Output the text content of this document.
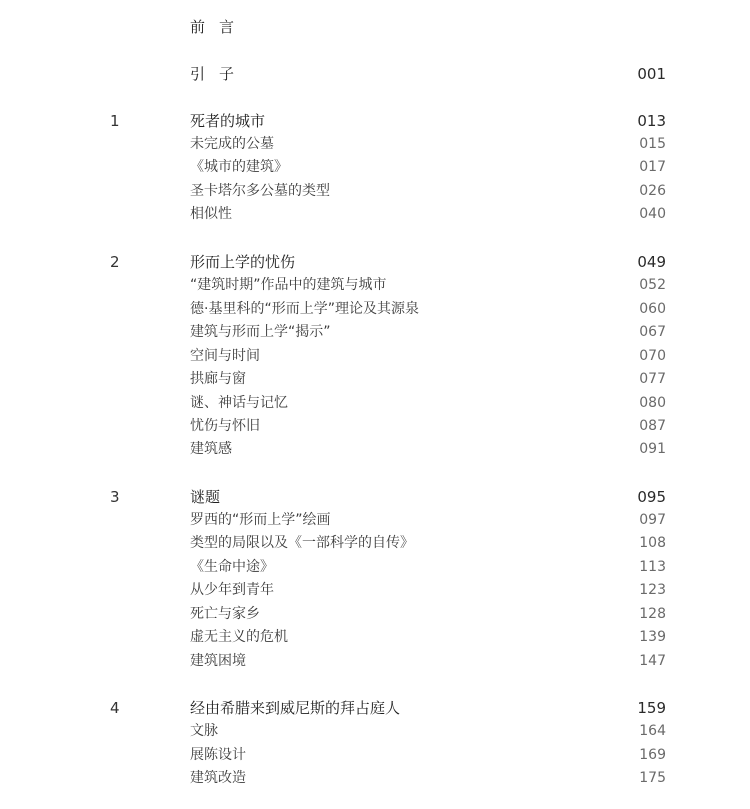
前言
引子	001
1	死者的城市	013
未完成的公墓	015
《城市的建筑》	017
圣卡塔尔多公墓的类型	026
相似性	040
2	形而上学的忧伤	049
“建筑时期”作品中的建筑与城市	052
德·基里科的“形而上学”理论及其源泉	060
建筑与形而上学“揭示”	067
空间与时间	070
拱廊与窗	077
谜、神话与记忆	080
忧伤与怀旧	087
建筑感	091
3	谜题	095
罗西的“形而上学”绘画	097
类型的局限以及《一部科学的自传》	108
《生命中途》	113
从少年到青年	123
死亡与家乡	128
虚无主义的危机	139
建筑困境	147
4	经由希腊来到威尼斯的拜占庭人	159
文脉	164
展陈设计	169
建筑改造	175
